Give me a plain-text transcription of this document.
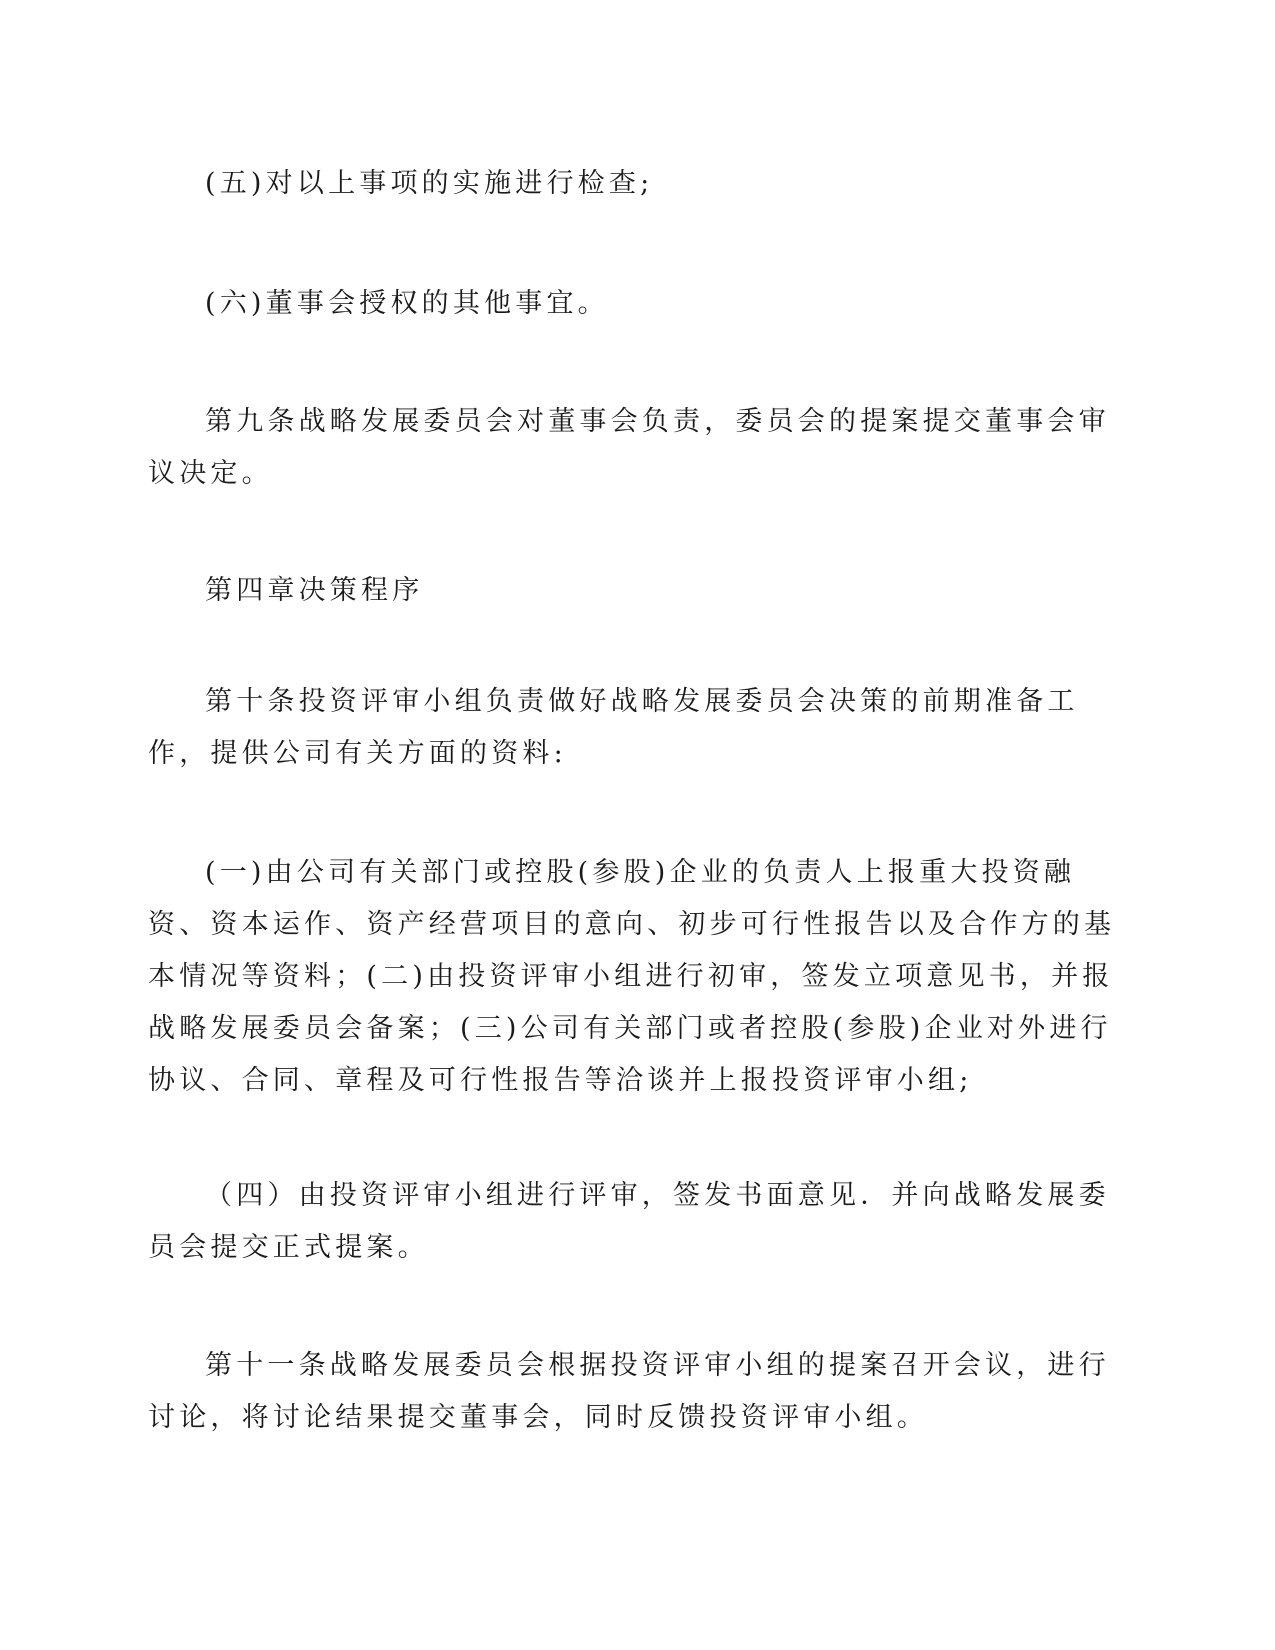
(五)对以上事项的实施进行检查;

(六)董事会授权的其他事宜。

第九条战略发展委员会对董事会负责，委员会的提案提交董事会审议决定。

第四章决策程序

第十条投资评审小组负责做好战略发展委员会决策的前期准备工作，提供公司有关方面的资料:

(一)由公司有关部门或控股(参股)企业的负责人上报重大投资融资、资本运作、资产经营项目的意向、初步可行性报告以及合作方的基本情况等资料；(二)由投资评审小组进行初审，签发立项意见书，并报战略发展委员会备案；(三)公司有关部门或者控股(参股)企业对外进行协议、合同、章程及可行性报告等洽谈并上报投资评审小组;

（四）由投资评审小组进行评审，签发书面意见．并向战略发展委员会提交正式提案。

第十一条战略发展委员会根据投资评审小组的提案召开会议，进行讨论，将讨论结果提交董事会，同时反馈投资评审小组。
